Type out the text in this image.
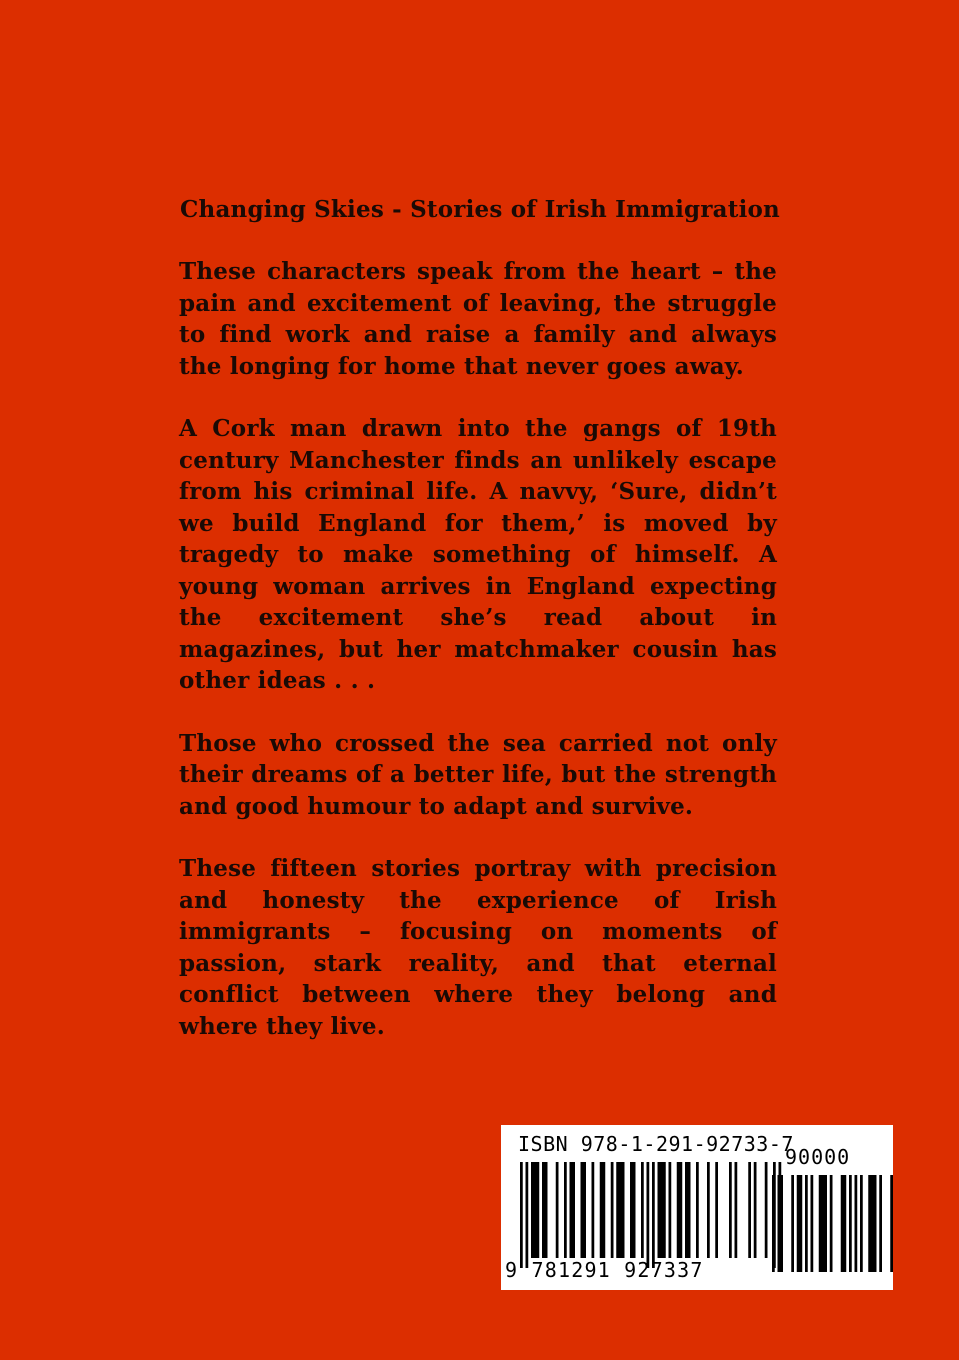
Changing Skies - Stories of Irish Immigration

These characters speak from the heart – the pain and excitement of leaving, the struggle to find work and raise a family and always the longing for home that never goes away.

A Cork man drawn into the gangs of 19th century Manchester finds an unlikely escape from his criminal life. A navvy, ‘Sure, didn’t we build England for them,’ is moved by tragedy to make something of himself. A young woman arrives in England expecting the excitement she’s read about in magazines, but her matchmaker cousin has other ideas . . .

Those who crossed the sea carried not only their dreams of a better life, but the strength and good humour to adapt and survive.

These fifteen stories portray with precision and honesty the experience of Irish immigrants – focusing on moments of passion, stark reality, and that eternal conflict between where they belong and where they live.

ISBN 978-1-291-92733-7
90000
9 781291 927337
